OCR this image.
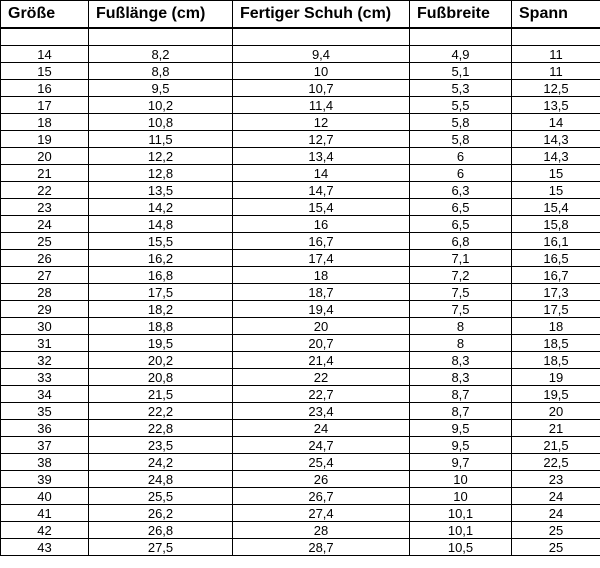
Größe	Fußlänge (cm)	Fertiger Schuh (cm)	Fußbreite	Spann

14	8,2	9,4	4,9	11
15	8,8	10	5,1	11
16	9,5	10,7	5,3	12,5
17	10,2	11,4	5,5	13,5
18	10,8	12	5,8	14
19	11,5	12,7	5,8	14,3
20	12,2	13,4	6	14,3
21	12,8	14	6	15
22	13,5	14,7	6,3	15
23	14,2	15,4	6,5	15,4
24	14,8	16	6,5	15,8
25	15,5	16,7	6,8	16,1
26	16,2	17,4	7,1	16,5
27	16,8	18	7,2	16,7
28	17,5	18,7	7,5	17,3
29	18,2	19,4	7,5	17,5
30	18,8	20	8	18
31	19,5	20,7	8	18,5
32	20,2	21,4	8,3	18,5
33	20,8	22	8,3	19
34	21,5	22,7	8,7	19,5
35	22,2	23,4	8,7	20
36	22,8	24	9,5	21
37	23,5	24,7	9,5	21,5
38	24,2	25,4	9,7	22,5
39	24,8	26	10	23
40	25,5	26,7	10	24
41	26,2	27,4	10,1	24
42	26,8	28	10,1	25
43	27,5	28,7	10,5	25
